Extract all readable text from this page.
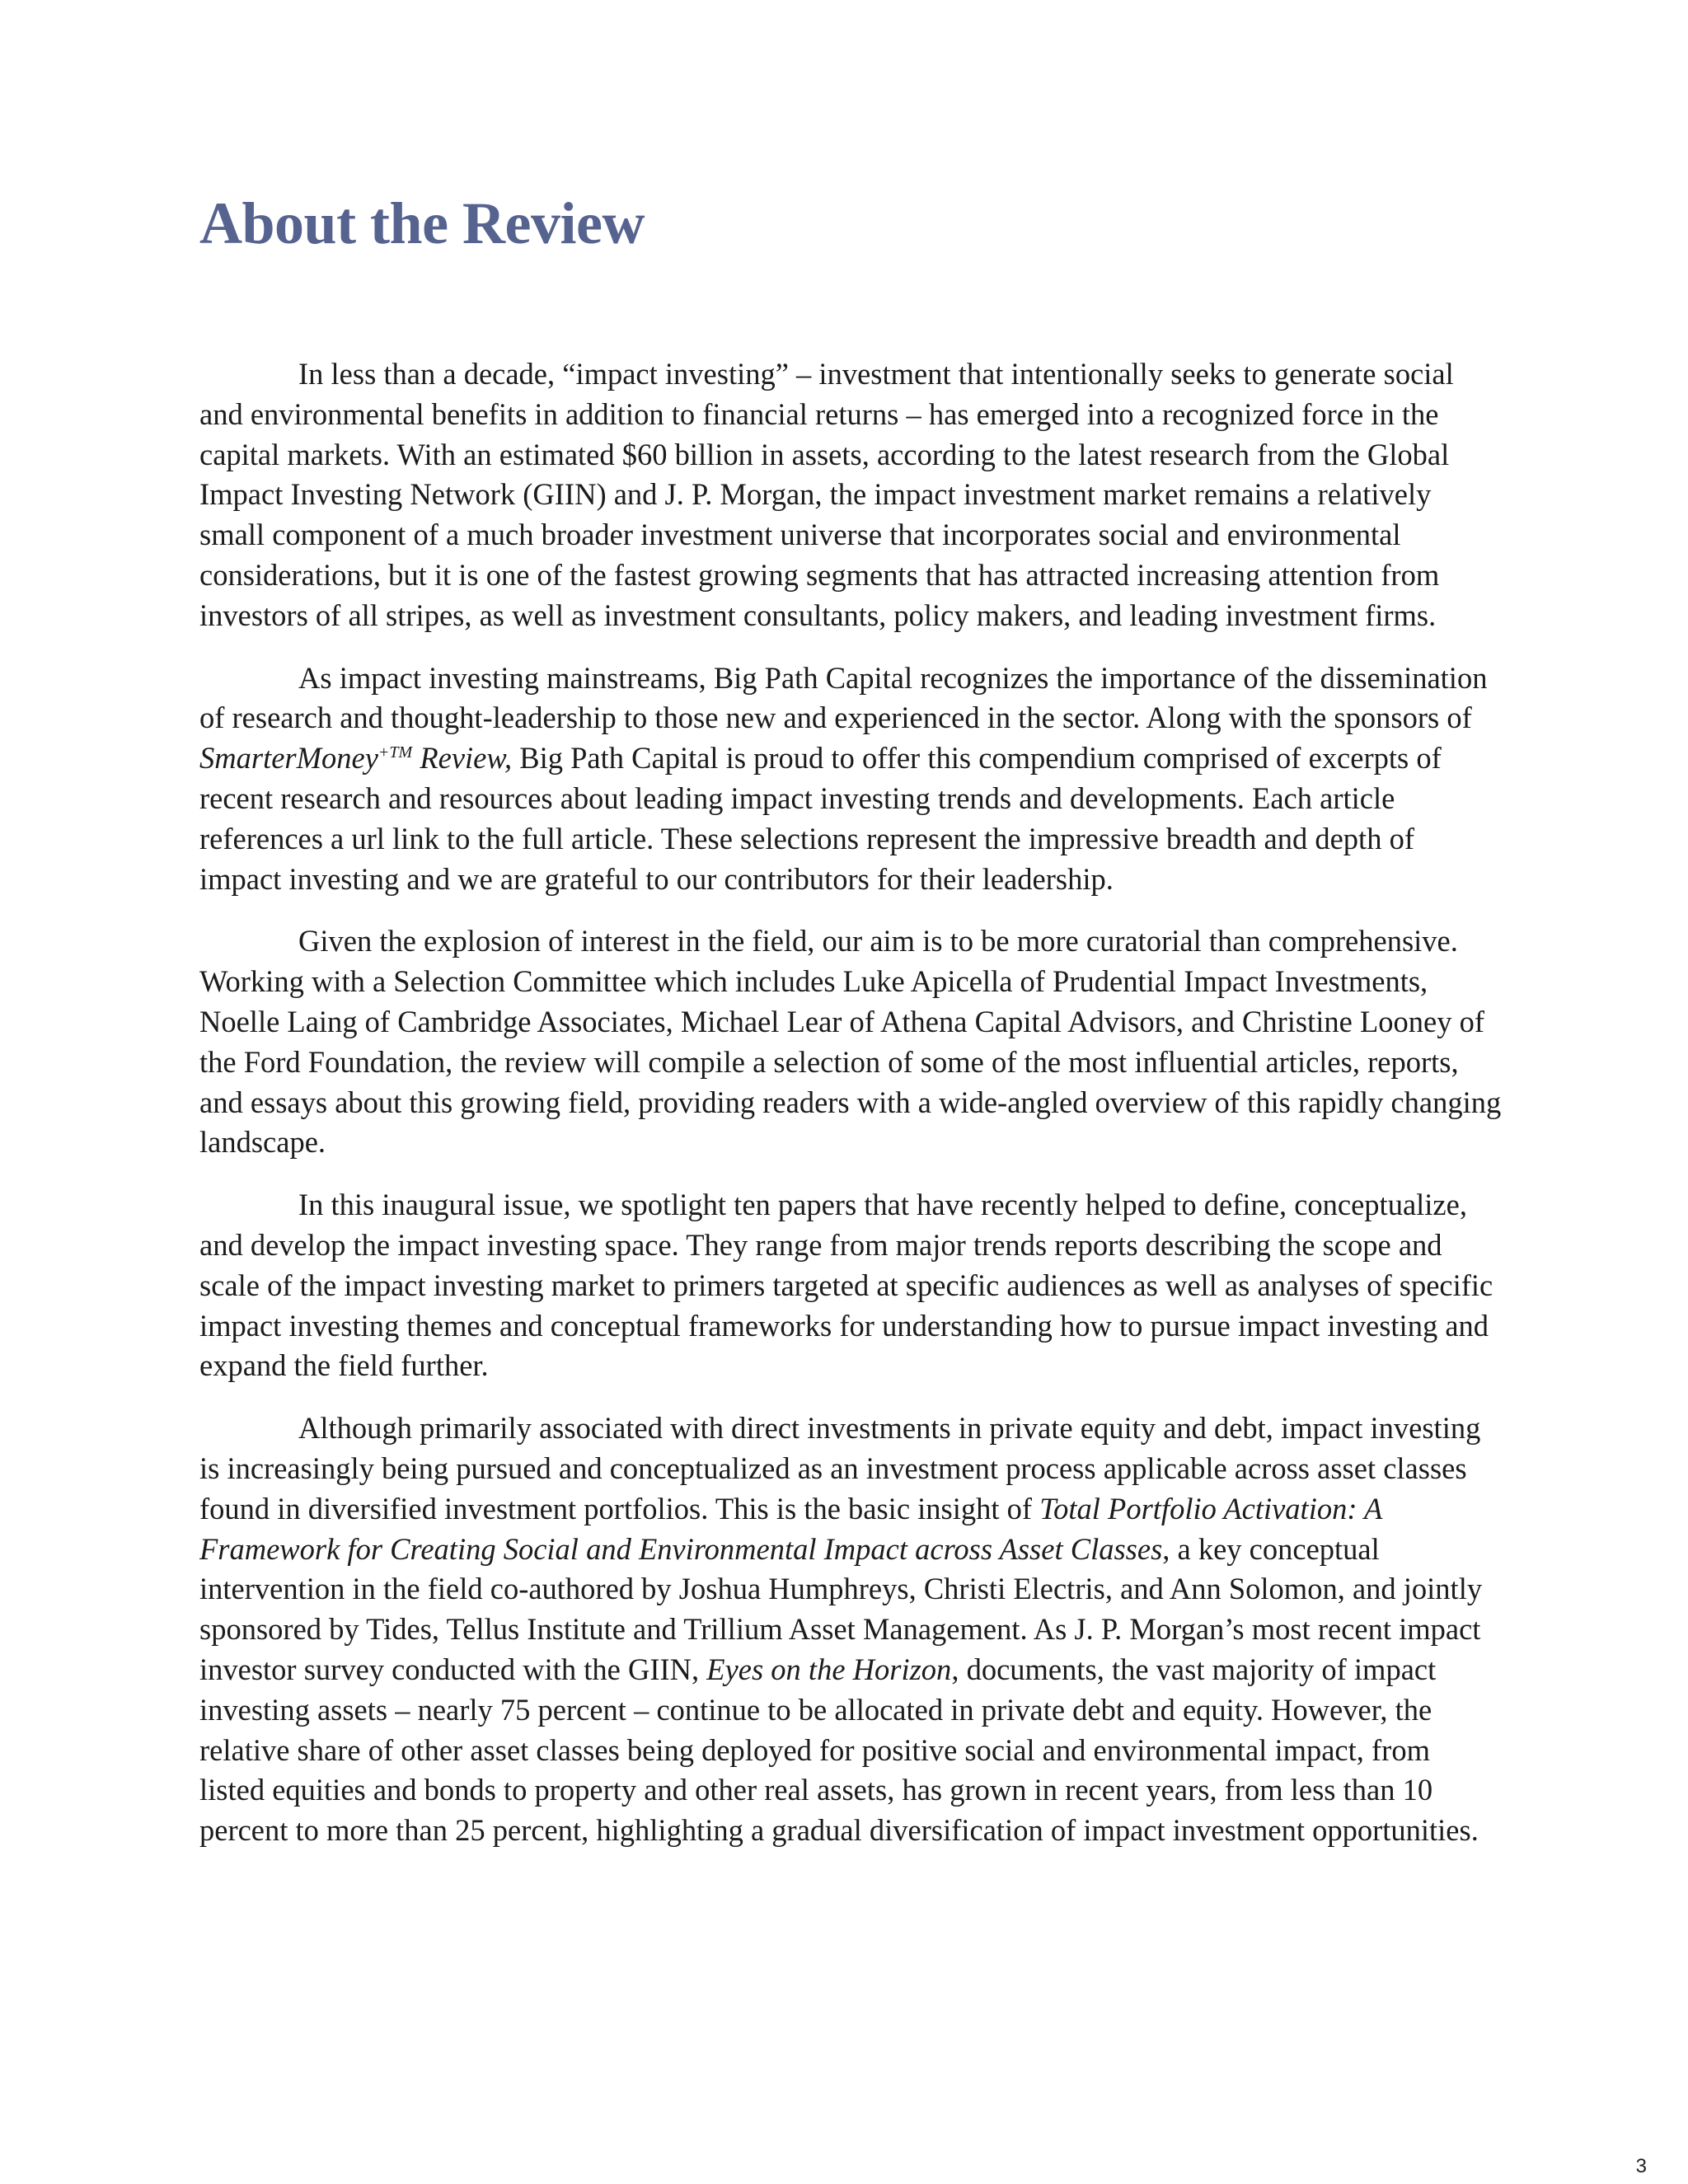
About the Review

In less than a decade, “impact investing” – investment that intentionally seeks to generate social and environmental benefits in addition to financial returns – has emerged into a recognized force in the capital markets. With an estimated $60 billion in assets, according to the latest research from the Global Impact Investing Network (GIIN) and J. P. Morgan, the impact investment market remains a relatively small component of a much broader investment universe that incorporates social and environmental considerations, but it is one of the fastest growing segments that has attracted increasing attention from investors of all stripes, as well as investment consultants, policy makers, and leading investment firms.

As impact investing mainstreams, Big Path Capital recognizes the importance of the dissemination of research and thought-leadership to those new and experienced in the sector. Along with the sponsors of SmarterMoney$^{+TM}$ Review, Big Path Capital is proud to offer this compendium comprised of excerpts of recent research and resources about leading impact investing trends and developments. Each article references a url link to the full article. These selections represent the impressive breadth and depth of impact investing and we are grateful to our contributors for their leadership.

Given the explosion of interest in the field, our aim is to be more curatorial than comprehensive. Working with a Selection Committee which includes Luke Apicella of Prudential Impact Investments, Noelle Laing of Cambridge Associates, Michael Lear of Athena Capital Advisors, and Christine Looney of the Ford Foundation, the review will compile a selection of some of the most influential articles, reports, and essays about this growing field, providing readers with a wide-angled overview of this rapidly changing landscape.

In this inaugural issue, we spotlight ten papers that have recently helped to define, conceptualize, and develop the impact investing space. They range from major trends reports describing the scope and scale of the impact investing market to primers targeted at specific audiences as well as analyses of specific impact investing themes and conceptual frameworks for understanding how to pursue impact investing and expand the field further.

Although primarily associated with direct investments in private equity and debt, impact investing is increasingly being pursued and conceptualized as an investment process applicable across asset classes found in diversified investment portfolios. This is the basic insight of Total Portfolio Activation: A Framework for Creating Social and Environmental Impact across Asset Classes, a key conceptual intervention in the field co-authored by Joshua Humphreys, Christi Electris, and Ann Solomon, and jointly sponsored by Tides, Tellus Institute and Trillium Asset Management. As J. P. Morgan’s most recent impact investor survey conducted with the GIIN, Eyes on the Horizon, documents, the vast majority of impact investing assets – nearly 75 percent – continue to be allocated in private debt and equity. However, the relative share of other asset classes being deployed for positive social and environmental impact, from listed equities and bonds to property and other real assets, has grown in recent years, from less than 10 percent to more than 25 percent, highlighting a gradual diversification of impact investment opportunities.

3
